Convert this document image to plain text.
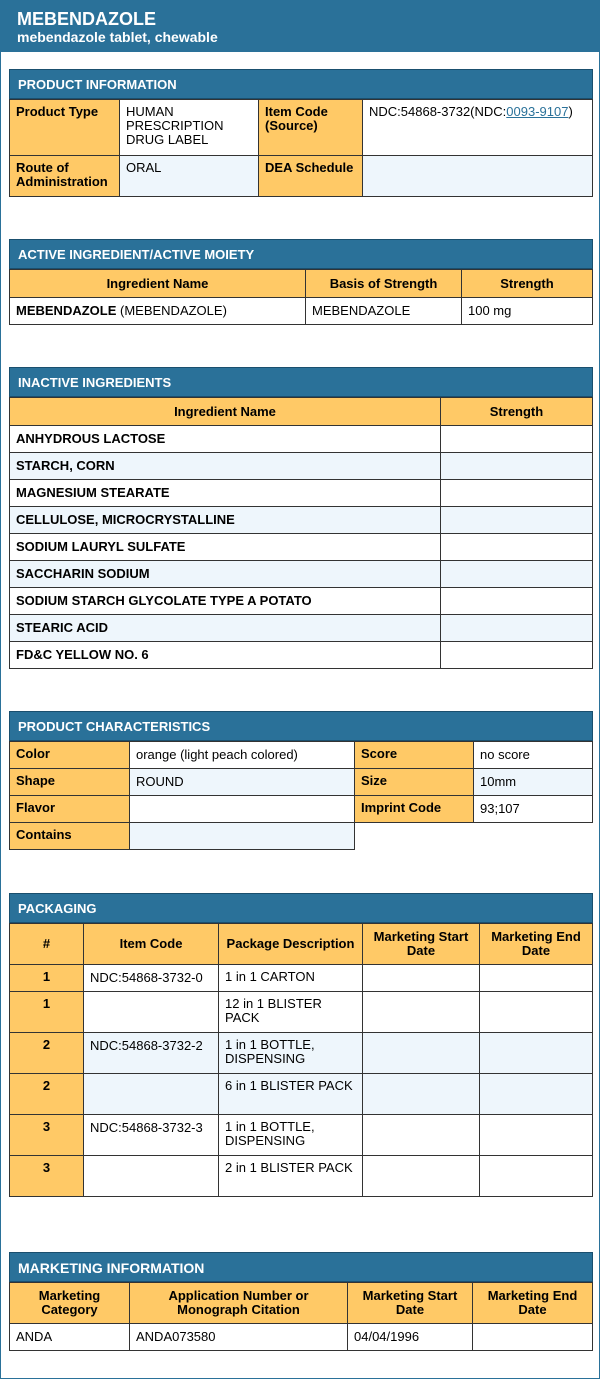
MEBENDAZOLE
mebendazole tablet, chewable
PRODUCT INFORMATION
Product Type	HUMAN PRESCRIPTION DRUG LABEL	Item Code (Source)	NDC:54868-3732(NDC:0093-9107)
Route of Administration	ORAL	DEA Schedule	
ACTIVE INGREDIENT/ACTIVE MOIETY
Ingredient Name	Basis of Strength	Strength
MEBENDAZOLE (MEBENDAZOLE)	MEBENDAZOLE	100 mg
INACTIVE INGREDIENTS
Ingredient Name	Strength
ANHYDROUS LACTOSE	
STARCH, CORN	
MAGNESIUM STEARATE	
CELLULOSE, MICROCRYSTALLINE	
SODIUM LAURYL SULFATE	
SACCHARIN SODIUM	
SODIUM STARCH GLYCOLATE TYPE A POTATO	
STEARIC ACID	
FD&C YELLOW NO. 6	
PRODUCT CHARACTERISTICS
Color	orange (light peach colored)	Score	no score
Shape	ROUND	Size	10mm
Flavor		Imprint Code	93;107
Contains			
PACKAGING
#	Item Code	Package Description	Marketing Start Date	Marketing End Date
1	NDC:54868-3732-0	1 in 1 CARTON		
1		12 in 1 BLISTER PACK		
2	NDC:54868-3732-2	1 in 1 BOTTLE, DISPENSING		
2		6 in 1 BLISTER PACK		
3	NDC:54868-3732-3	1 in 1 BOTTLE, DISPENSING		
3		2 in 1 BLISTER PACK		
MARKETING INFORMATION
Marketing Category	Application Number or Monograph Citation	Marketing Start Date	Marketing End Date
ANDA	ANDA073580	04/04/1996	
